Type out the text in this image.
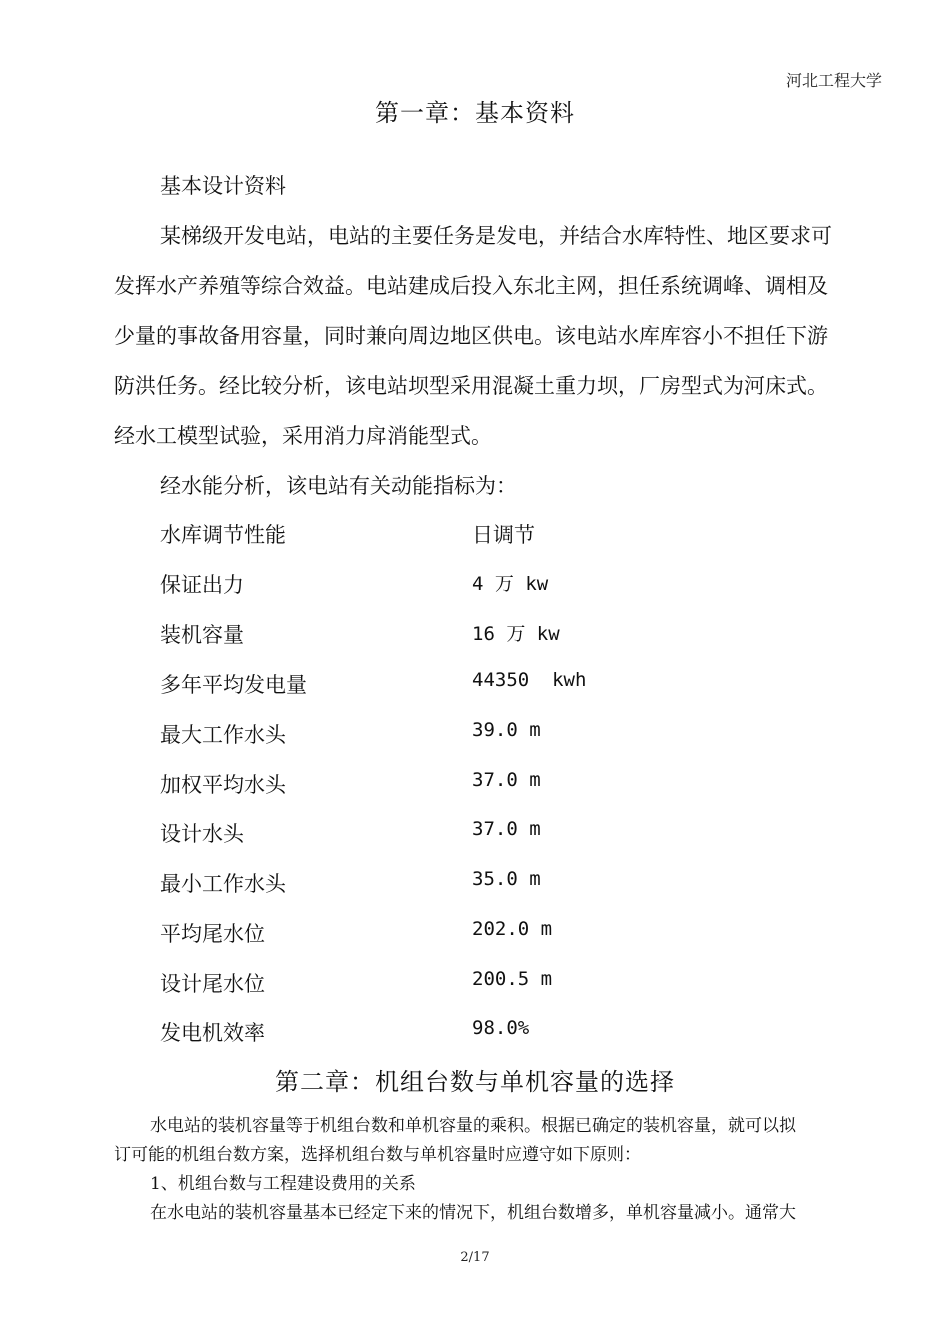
河北工程大学
第一章：基本资料
基本设计资料
某梯级开发电站，电站的主要任务是发电，并结合水库特性、地区要求可
发挥水产养殖等综合效益。电站建成后投入东北主网，担任系统调峰、调相及
少量的事故备用容量，同时兼向周边地区供电。该电站水库库容小不担任下游
防洪任务。经比较分析，该电站坝型采用混凝土重力坝，厂房型式为河床式。
经水工模型试验，采用消力戽消能型式。
经水能分析，该电站有关动能指标为：
水库调节性能	日调节
保证出力	4 万 kw
装机容量	16 万 kw
多年平均发电量	44350  kwh
最大工作水头	39.0 m
加权平均水头	37.0 m
设计水头	37.0 m
最小工作水头	35.0 m
平均尾水位	202.0 m
设计尾水位	200.5 m
发电机效率	98.0%
第二章：机组台数与单机容量的选择
水电站的装机容量等于机组台数和单机容量的乘积。根据已确定的装机容量，就可以拟
订可能的机组台数方案，选择机组台数与单机容量时应遵守如下原则：
1、机组台数与工程建设费用的关系
在水电站的装机容量基本已经定下来的情况下，机组台数增多，单机容量减小。通常大
2/17
